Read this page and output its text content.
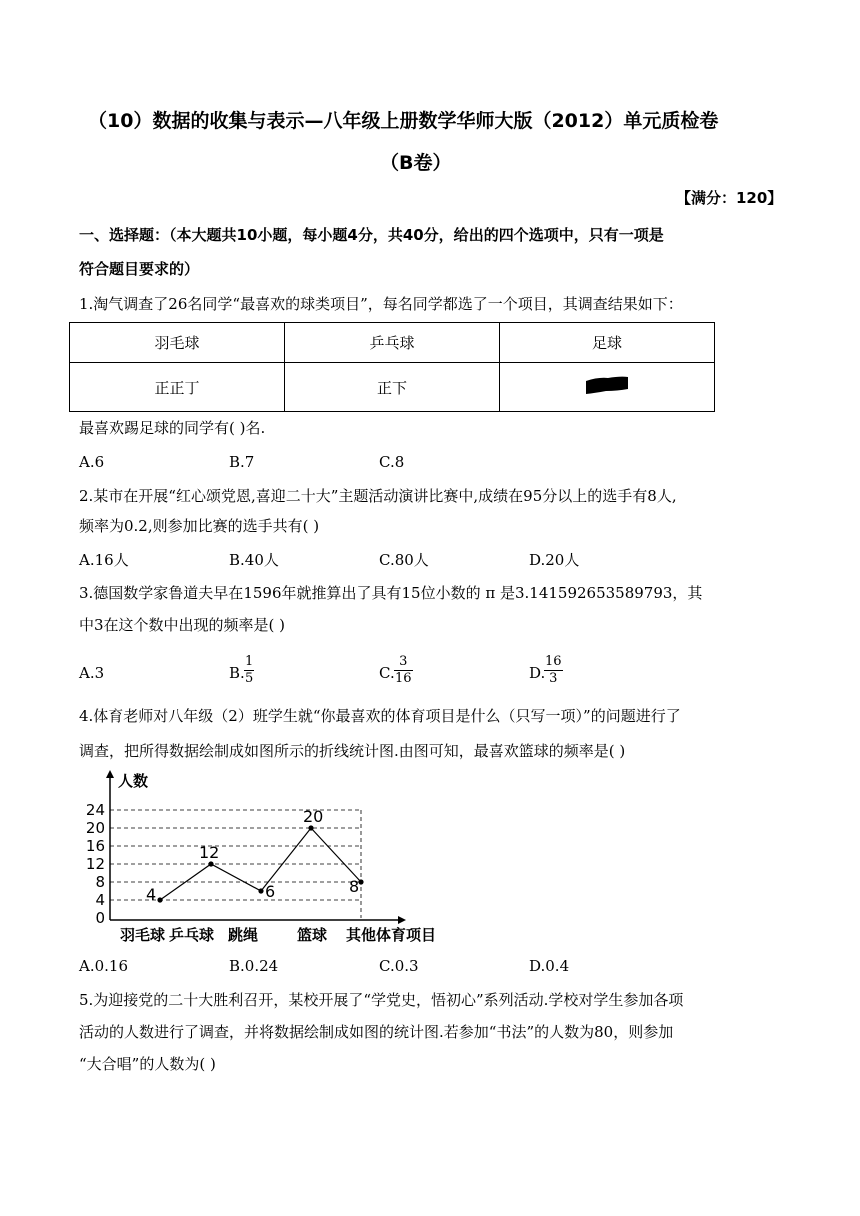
（10）数据的收集与表示—八年级上册数学华师大版（2012）单元质检卷
（B卷）
【满分：120】
一、选择题：（本大题共10小题，每小题4分，共40分，给出的四个选项中，只有一项是
符合题目要求的）
1.淘气调查了26名同学“最喜欢的球类项目”，每名同学都选了一个项目，其调查结果如下：
羽毛球	乒乓球	足球
正正丁	正下	
最喜欢踢足球的同学有( )名.
A.6	B.7	C.8
2.某市在开展“红心颂党恩,喜迎二十大”主题活动演讲比赛中,成绩在95分以上的选手有8人,
频率为0.2,则参加比赛的选手共有( )
A.16人	B.40人	C.80人	D.20人
3.德国数学家鲁道夫早在1596年就推算出了具有15位小数的 π 是3.141592653589793，其
中3在这个数中出现的频率是( )
A.3	B. $\frac{1}{5}$	C. $\frac{3}{16}$	D.
$\frac{16}{3}$
4.体育老师对八年级（2）班学生就“你最喜欢的体育项目是什么（只写一项）”的问题进行了
调查，把所得数据绘制成如图所示的折线统计图.由图可知，最喜欢篮球的频率是( )
人数
0
4
8
12
16
20
24
4
12
6
20
8
羽毛球 乒乓球 跳绳	篮球 其他体育项目
A.0.16	B.0.24	C.0.3	D.0.4
5.为迎接党的二十大胜利召开，某校开展了“学党史，悟初心”系列活动.学校对学生参加各项
活动的人数进行了调查，并将数据绘制成如图的统计图.若参加“书法”的人数为80，则参加
“大合唱”的人数为( )
